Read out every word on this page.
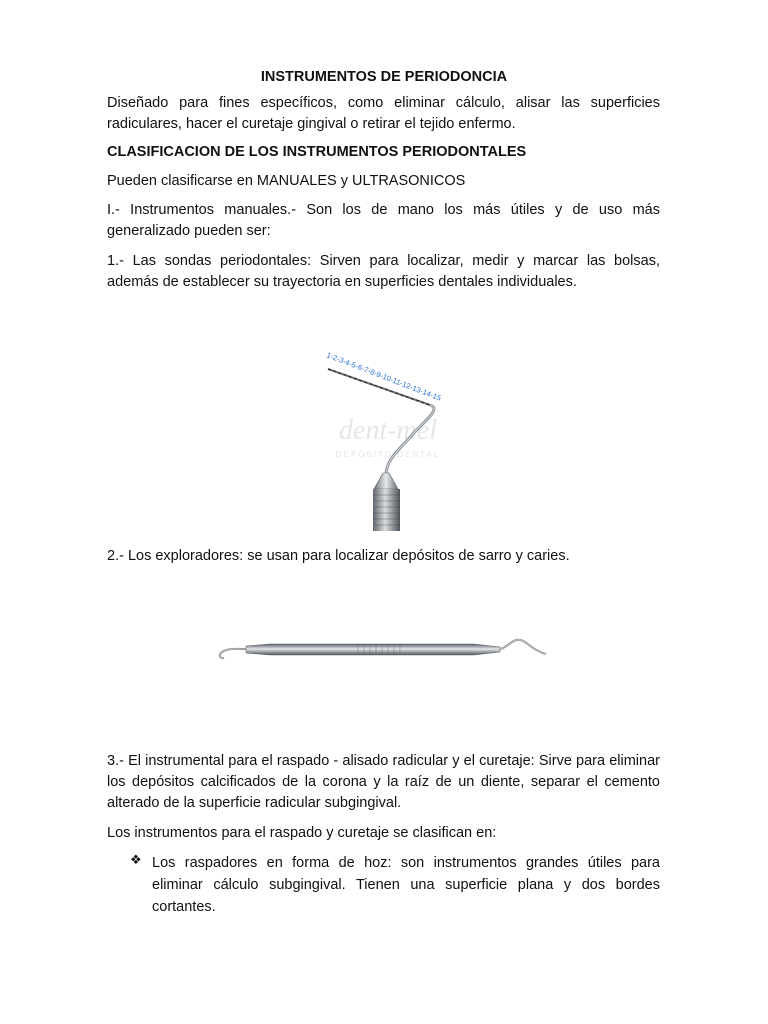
INSTRUMENTOS DE PERIODONCIA

Diseñado para fines específicos, como eliminar cálculo, alisar las superficies radiculares, hacer el curetaje gingival o retirar el tejido enfermo.

CLASIFICACION DE LOS INSTRUMENTOS PERIODONTALES

Pueden clasificarse en MANUALES y ULTRASONICOS

I.- Instrumentos manuales.- Son los de mano los más útiles y de uso más generalizado pueden ser:

1.- Las sondas periodontales: Sirven para localizar, medir y marcar las bolsas, además de establecer su trayectoria en superficies dentales individuales.

dent-mel
DEPÓSITO DENTAL
1-2-3-4-5-6-7-8-9-10-11-12-13-14-15

2.- Los exploradores: se usan para localizar depósitos de sarro y caries.

3.- El instrumental para el raspado - alisado radicular y el curetaje: Sirve para eliminar los depósitos calcificados de la corona y la raíz de un diente, separar el cemento alterado de la superficie radicular subgingival.

Los instrumentos para el raspado y curetaje se clasifican en:

❖ Los raspadores en forma de hoz: son instrumentos grandes útiles para eliminar cálculo subgingival. Tienen una superficie plana y dos bordes cortantes.
